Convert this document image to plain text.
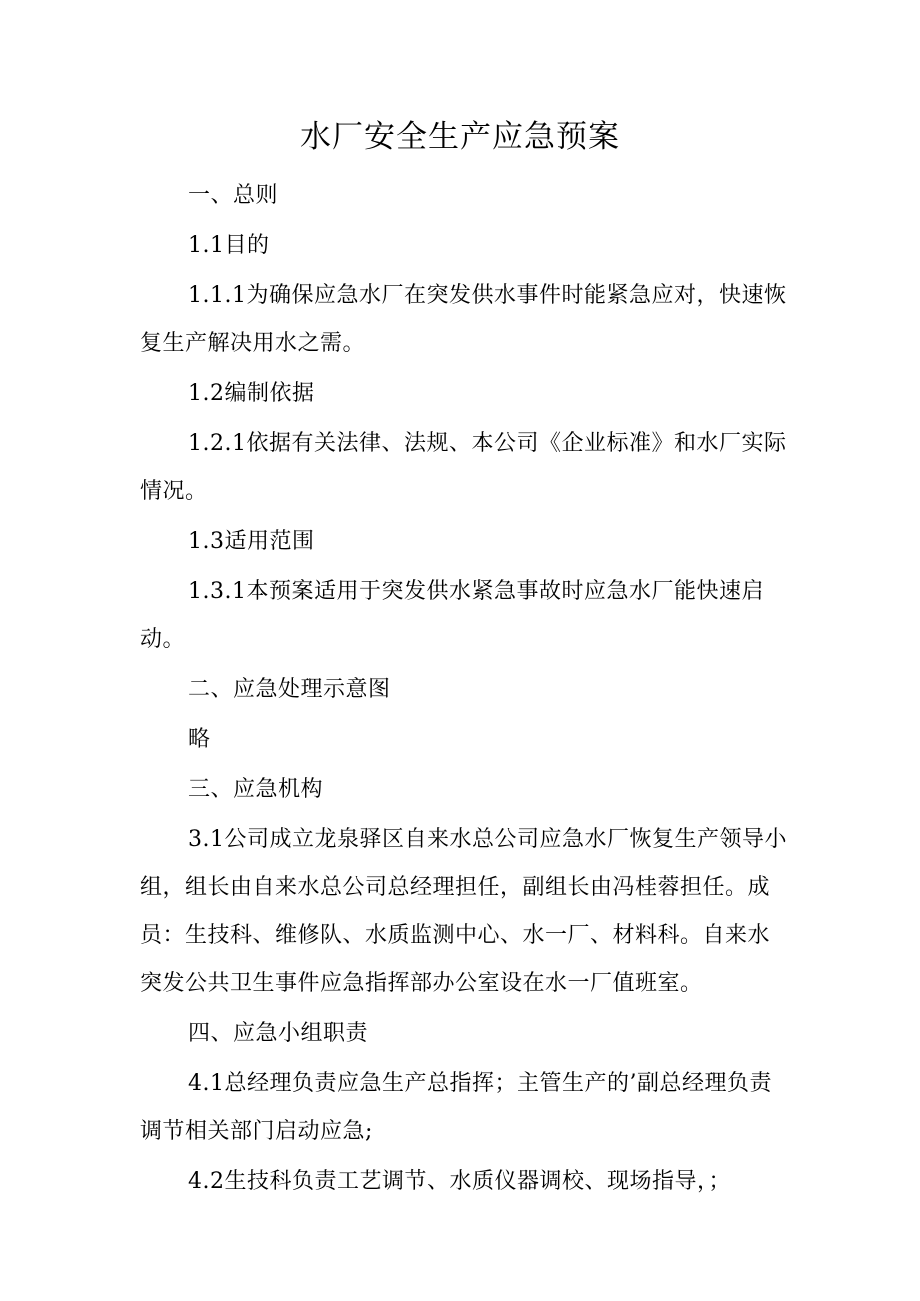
水厂安全生产应急预案

一、总则

1.1目的

1.1.1为确保应急水厂在突发供水事件时能紧急应对，快速恢复生产解决用水之需。

1.2编制依据

1.2.1依据有关法律、法规、本公司《企业标准》和水厂实际情况。

1.3适用范围

1.3.1本预案适用于突发供水紧急事故时应急水厂能快速启动。

二、应急处理示意图

略

三、应急机构

3.1公司成立龙泉驿区自来水总公司应急水厂恢复生产领导小组，组长由自来水总公司总经理担任，副组长由冯桂蓉担任。成员：生技科、维修队、水质监测中心、水一厂、材料科。自来水突发公共卫生事件应急指挥部办公室设在水一厂值班室。

四、应急小组职责

4.1总经理负责应急生产总指挥；主管生产的’副总经理负责调节相关部门启动应急;

4.2生技科负责工艺调节、水质仪器调校、现场指导，；
